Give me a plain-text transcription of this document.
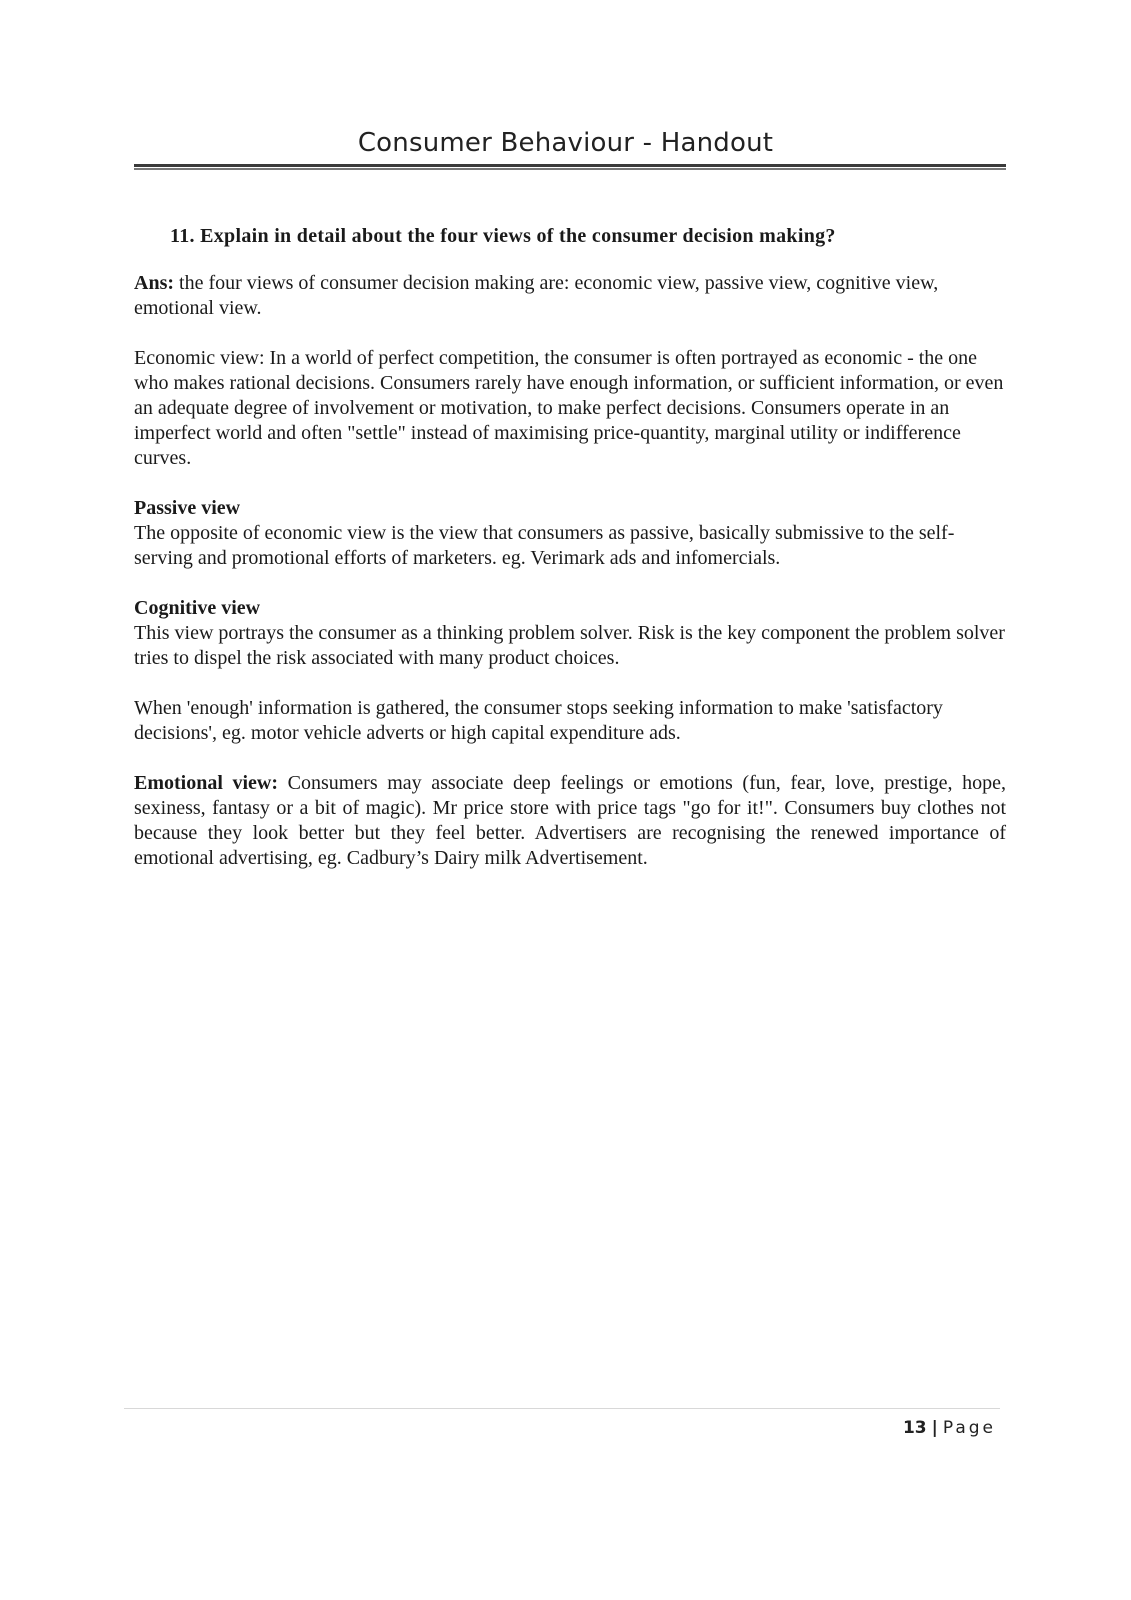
Consumer Behaviour - Handout
11. Explain in detail about the four views of the consumer decision making?

Ans: the four views of consumer decision making are: economic view, passive view, cognitive view, emotional view.

Economic view: In a world of perfect competition, the consumer is often portrayed as economic - the one who makes rational decisions. Consumers rarely have enough information, or sufficient information, or even an adequate degree of involvement or motivation, to make perfect decisions. Consumers operate in an imperfect world and often "settle" instead of maximising price-quantity, marginal utility or indifference curves.

Passive view
The opposite of economic view is the view that consumers as passive, basically submissive to the self-serving and promotional efforts of marketers. eg. Verimark ads and infomercials.

Cognitive view
This view portrays the consumer as a thinking problem solver. Risk is the key component the problem solver tries to dispel the risk associated with many product choices.

When 'enough' information is gathered, the consumer stops seeking information to make 'satisfactory decisions', eg. motor vehicle adverts or high capital expenditure ads.

Emotional view: Consumers may associate deep feelings or emotions (fun, fear, love, prestige, hope, sexiness, fantasy or a bit of magic). Mr price store with price tags "go for it!". Consumers buy clothes not because they look better but they feel better. Advertisers are recognising the renewed importance of emotional advertising, eg. Cadbury’s Dairy milk Advertisement.

13 | Page
